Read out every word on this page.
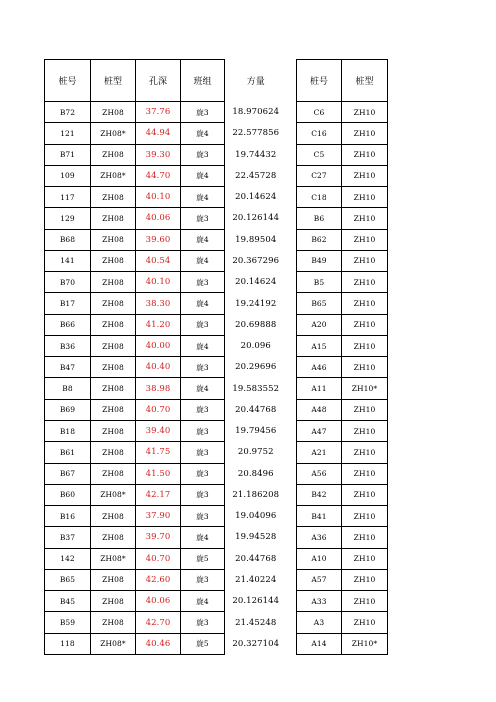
桩号	桩型	孔深	班组	方量		桩号	桩型
B72	ZH08	37.76	旋3	18.970624		C6	ZH10
121	ZH08*	44.94	旋4	22.577856		C16	ZH10
B71	ZH08	39.30	旋3	19.74432		C5	ZH10
109	ZH08*	44.70	旋4	22.45728		C27	ZH10
117	ZH08	40.10	旋4	20.14624		C18	ZH10
129	ZH08	40.06	旋3	20.126144		B6	ZH10
B68	ZH08	39.60	旋4	19.89504		B62	ZH10
141	ZH08	40.54	旋4	20.367296		B49	ZH10
B70	ZH08	40.10	旋3	20.14624		B5	ZH10
B17	ZH08	38.30	旋4	19.24192		B65	ZH10
B66	ZH08	41.20	旋3	20.69888		A20	ZH10
B36	ZH08	40.00	旋4	20.096		A15	ZH10
B47	ZH08	40.40	旋3	20.29696		A46	ZH10
B8	ZH08	38.98	旋4	19.583552		A11	ZH10*
B69	ZH08	40.70	旋3	20.44768		A48	ZH10
B18	ZH08	39.40	旋3	19.79456		A47	ZH10
B61	ZH08	41.75	旋3	20.9752		A21	ZH10
B67	ZH08	41.50	旋3	20.8496		A56	ZH10
B60	ZH08*	42.17	旋3	21.186208		B42	ZH10
B16	ZH08	37.90	旋3	19.04096		B41	ZH10
B37	ZH08	39.70	旋4	19.94528		A36	ZH10
142	ZH08*	40.70	旋5	20.44768		A10	ZH10
B65	ZH08	42.60	旋3	21.40224		A57	ZH10
B45	ZH08	40.06	旋4	20.126144		A33	ZH10
B59	ZH08	42.70	旋3	21.45248		A3	ZH10
118	ZH08*	40.46	旋5	20.327104		A14	ZH10*
